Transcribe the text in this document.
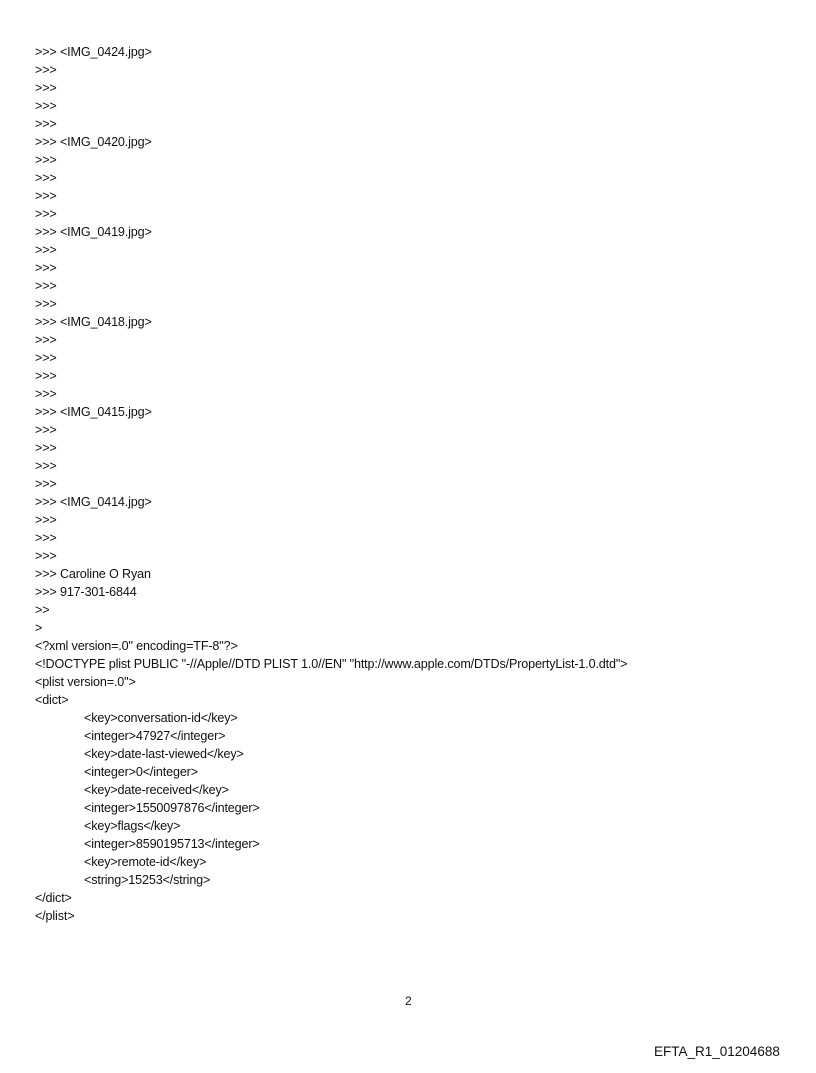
>>> <IMG_0424.jpg>
>>>
>>>
>>>
>>>
>>> <IMG_0420.jpg>
>>>
>>>
>>>
>>>
>>> <IMG_0419.jpg>
>>>
>>>
>>>
>>>
>>> <IMG_0418.jpg>
>>>
>>>
>>>
>>>
>>> <IMG_0415.jpg>
>>>
>>>
>>>
>>>
>>> <IMG_0414.jpg>
>>>
>>>
>>>
>>> Caroline O Ryan
>>> 917-301-6844
>>
>
<?xml version=.0" encoding=TF-8"?>
<!DOCTYPE plist PUBLIC "-//Apple//DTD PLIST 1.0//EN" "http://www.apple.com/DTDs/PropertyList-1.0.dtd">
<plist version=.0">
<dict>
<key>conversation-id</key>
<integer>47927</integer>
<key>date-last-viewed</key>
<integer>0</integer>
<key>date-received</key>
<integer>1550097876</integer>
<key>flags</key>
<integer>8590195713</integer>
<key>remote-id</key>
<string>15253</string>
</dict>
</plist>
2
EFTA_R1_01204688
